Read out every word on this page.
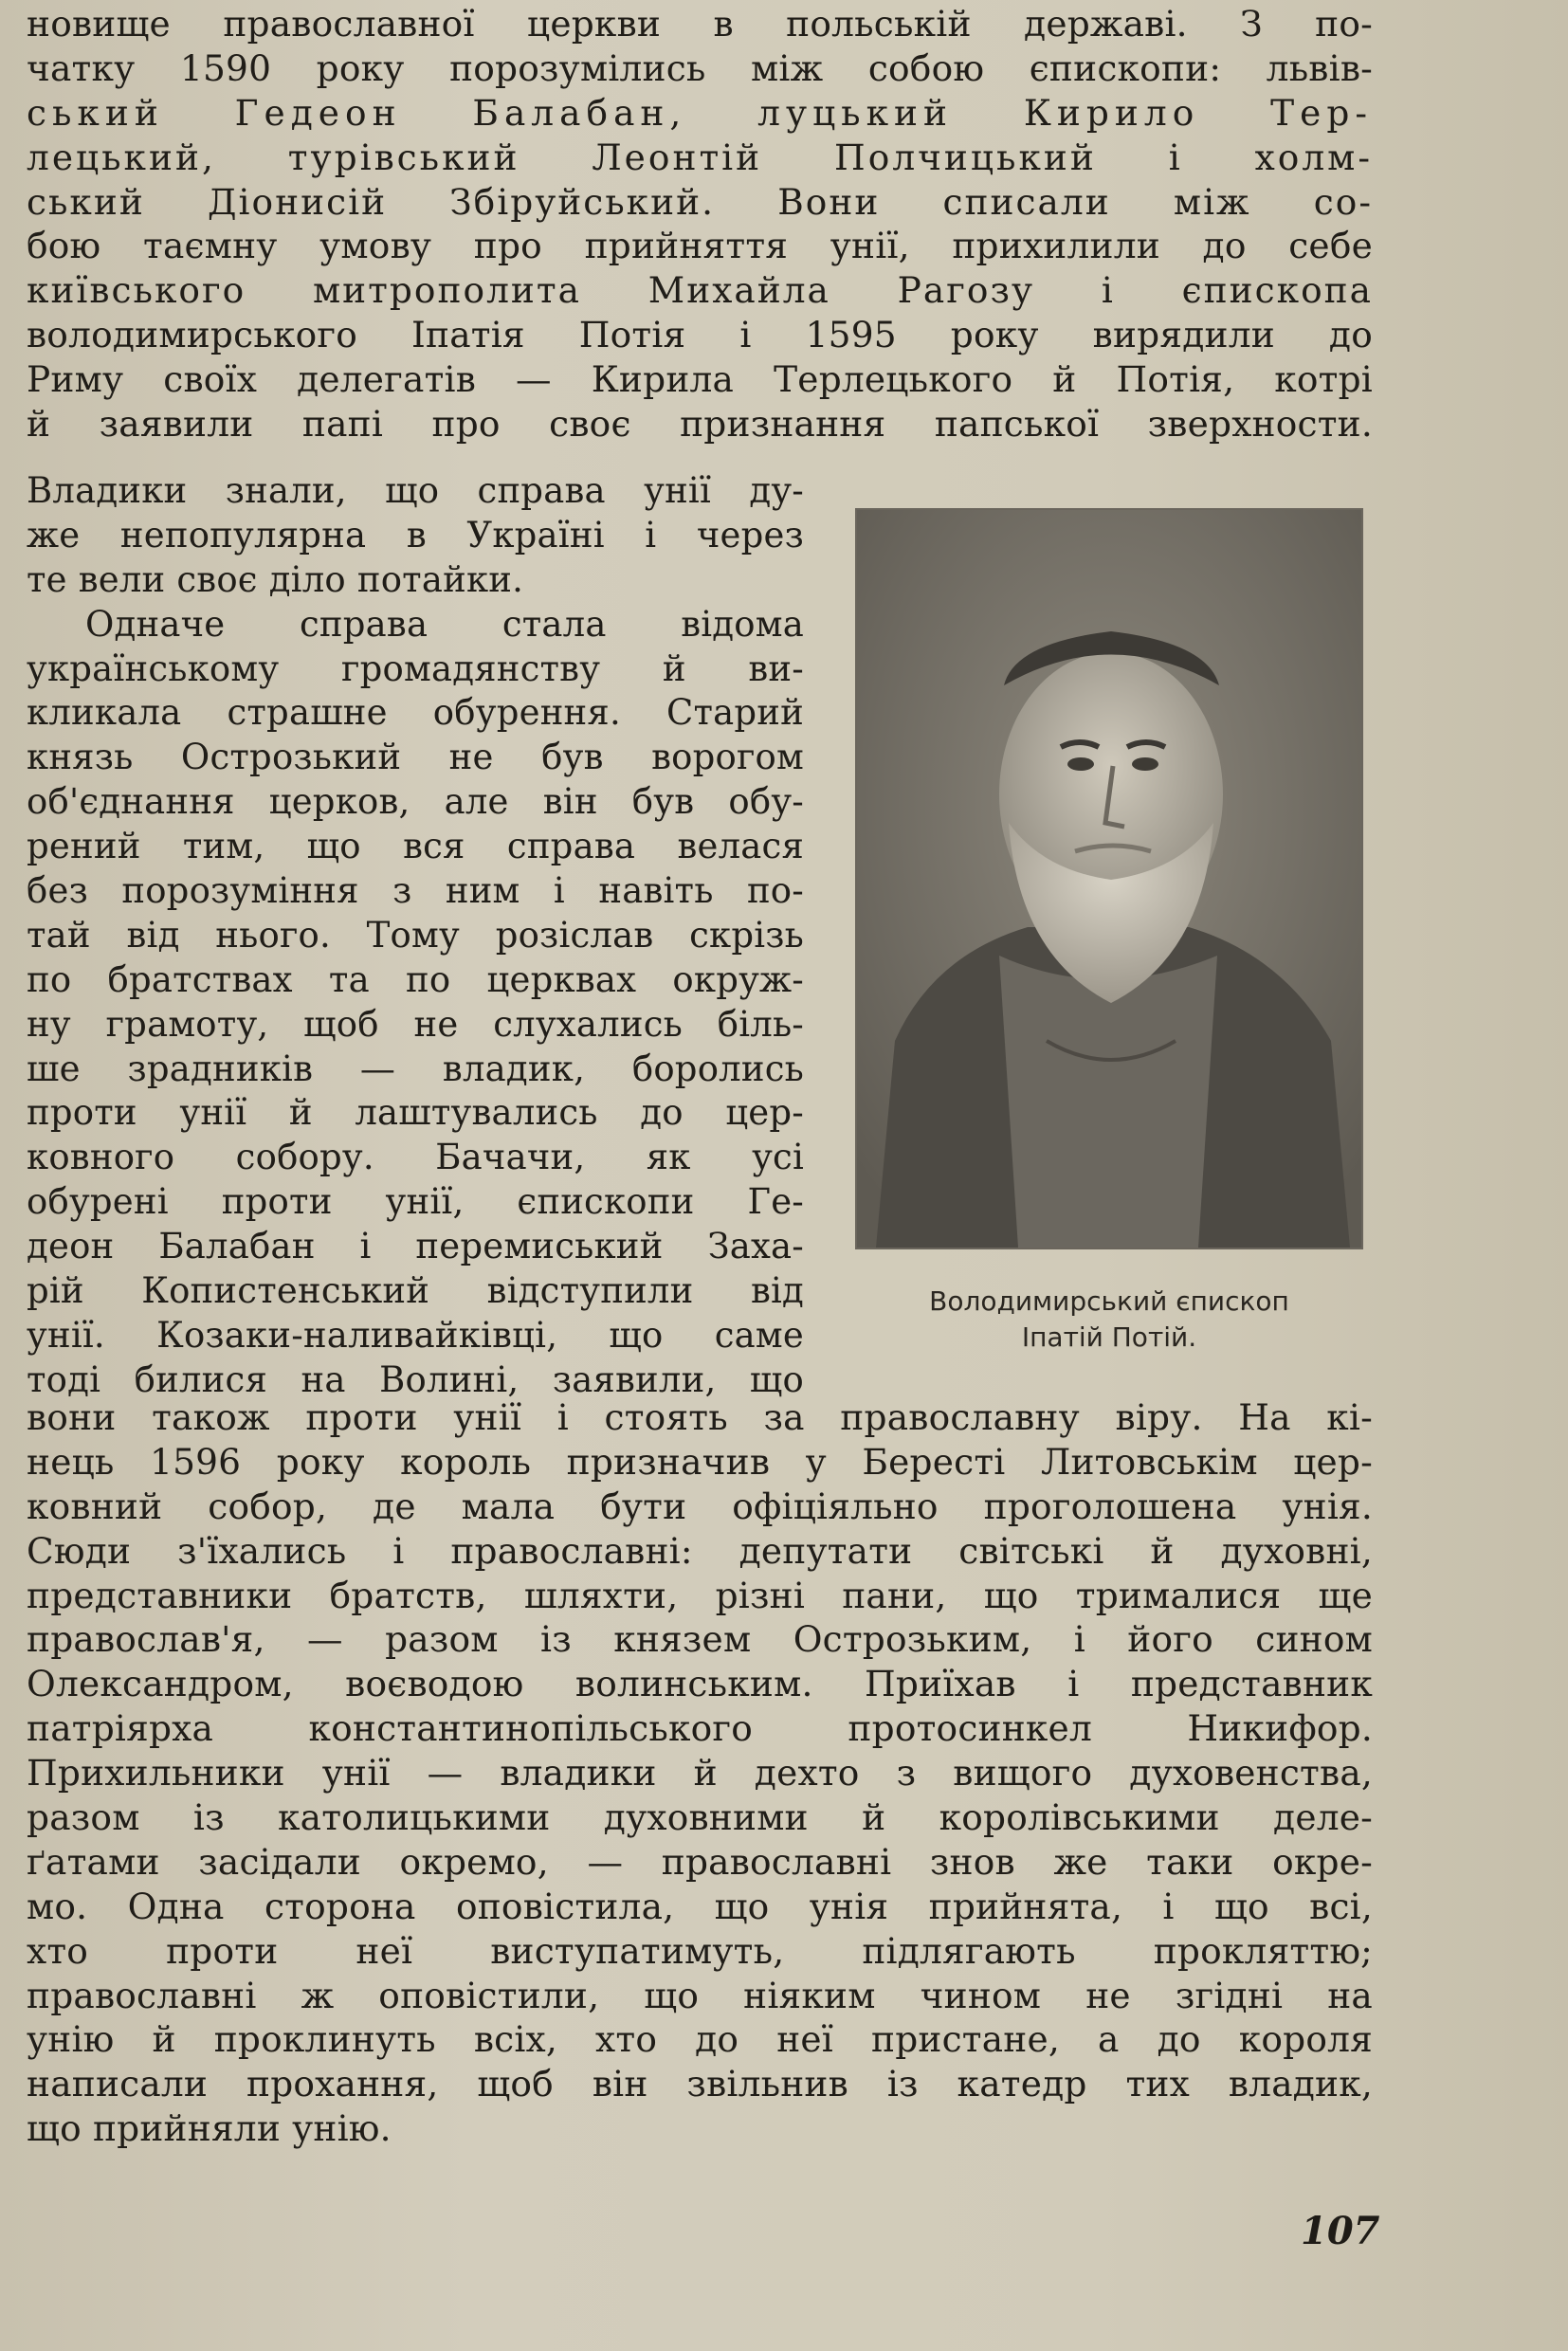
новище православної церкви в польській державі. З по-
чатку 1590 року порозумілись між собою єпископи: львів-
ський Гедеон Балабан, луцький Кирило Тер-
лецький, турівський Леонтій Полчицький і холм-
ський Діонисій Збіруйський. Вони списали між со-
бою таємну умову про прийняття унії, прихилили до себе
київського митрополита Михайла Рагозу і єпископа
володимирського Іпатія Потія і 1595 року вирядили до
Риму своїх делегатів — Кирила Терлецького й Потія, котрі
й заявили папі про своє признання папської зверхности.
Владики знали, що справа унії ду-
же непопулярна в Україні і через
те вели своє діло потайки.
Одначе справа стала відома
українському громадянству й ви-
кликала страшне обурення. Старий
князь Острозький не був ворогом
об'єднання церков, але він був обу-
рений тим, що вся справа велася
без порозуміння з ним і навіть по-
тай від нього. Тому розіслав скрізь
по братствах та по церквах окруж-
ну грамоту, щоб не слухались біль-
ше зрадників — владик, боролись
проти унії й лаштувались до цер-
ковного собору. Бачачи, як усі
обурені проти унії, єпископи Ге-
деон Балабан і перемиський Заха-
рій Копистенський відступили від
унії. Козаки-наливайківці, що саме
тоді билися на Волині, заявили, що
Володимирський єпископ
Іпатій Потій.
вони також проти унії і стоять за православну віру. На кі-
нець 1596 року король призначив у Бересті Литовськім цер-
ковний собор, де мала бути офіціяльно проголошена унія.
Сюди з'їхались і православні: депутати світські й духовні,
представники братств, шляхти, різні пани, що трималися ще
православ'я, — разом із князем Острозьким, і його сином
Олександром, воєводою волинським. Приїхав і представник
патріярха константинопільського протосинкел Никифор.
Прихильники унії — владики й дехто з вищого духовенства,
разом із католицькими духовними й королівськими деле-
ґатами засідали окремо, — православні знов же таки окре-
мо. Одна сторона оповістила, що унія прийнята, і що всі,
хто проти неї виступатимуть, підлягають прокляттю;
православні ж оповістили, що ніяким чином не згідні на
унію й проклинуть всіх, хто до неї пристане, а до короля
написали прохання, щоб він звільнив із катедр тих владик,
що прийняли унію.
107
